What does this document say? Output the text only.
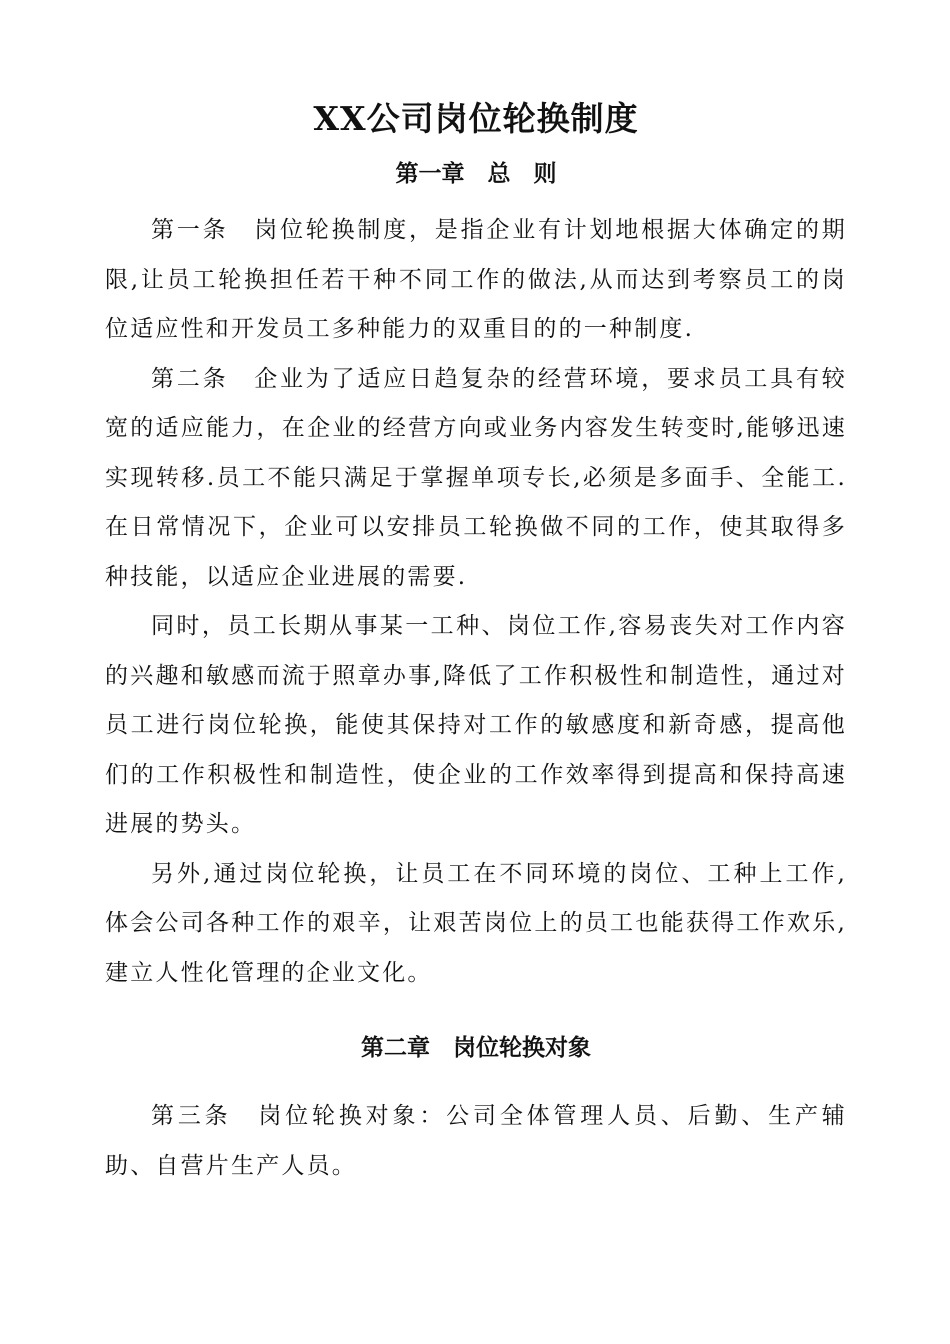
XX公司岗位轮换制度
第一章　总　则

第一条　岗位轮换制度，是指企业有计划地根据大体确定的期限,让员工轮换担任若干种不同工作的做法,从而达到考察员工的岗位适应性和开发员工多种能力的双重目的的一种制度.

第二条　企业为了适应日趋复杂的经营环境，要求员工具有较宽的适应能力，在企业的经营方向或业务内容发生转变时,能够迅速实现转移.员工不能只满足于掌握单项专长,必须是多面手、全能工.在日常情况下，企业可以安排员工轮换做不同的工作，使其取得多种技能，以适应企业进展的需要.

同时，员工长期从事某一工种、岗位工作,容易丧失对工作内容的兴趣和敏感而流于照章办事,降低了工作积极性和制造性，通过对员工进行岗位轮换，能使其保持对工作的敏感度和新奇感，提高他们的工作积极性和制造性，使企业的工作效率得到提高和保持高速进展的势头。

另外,通过岗位轮换，让员工在不同环境的岗位、工种上工作,体会公司各种工作的艰辛，让艰苦岗位上的员工也能获得工作欢乐,建立人性化管理的企业文化。

第二章　岗位轮换对象

第三条　岗位轮换对象：公司全体管理人员、后勤、生产辅助、自营片生产人员。
